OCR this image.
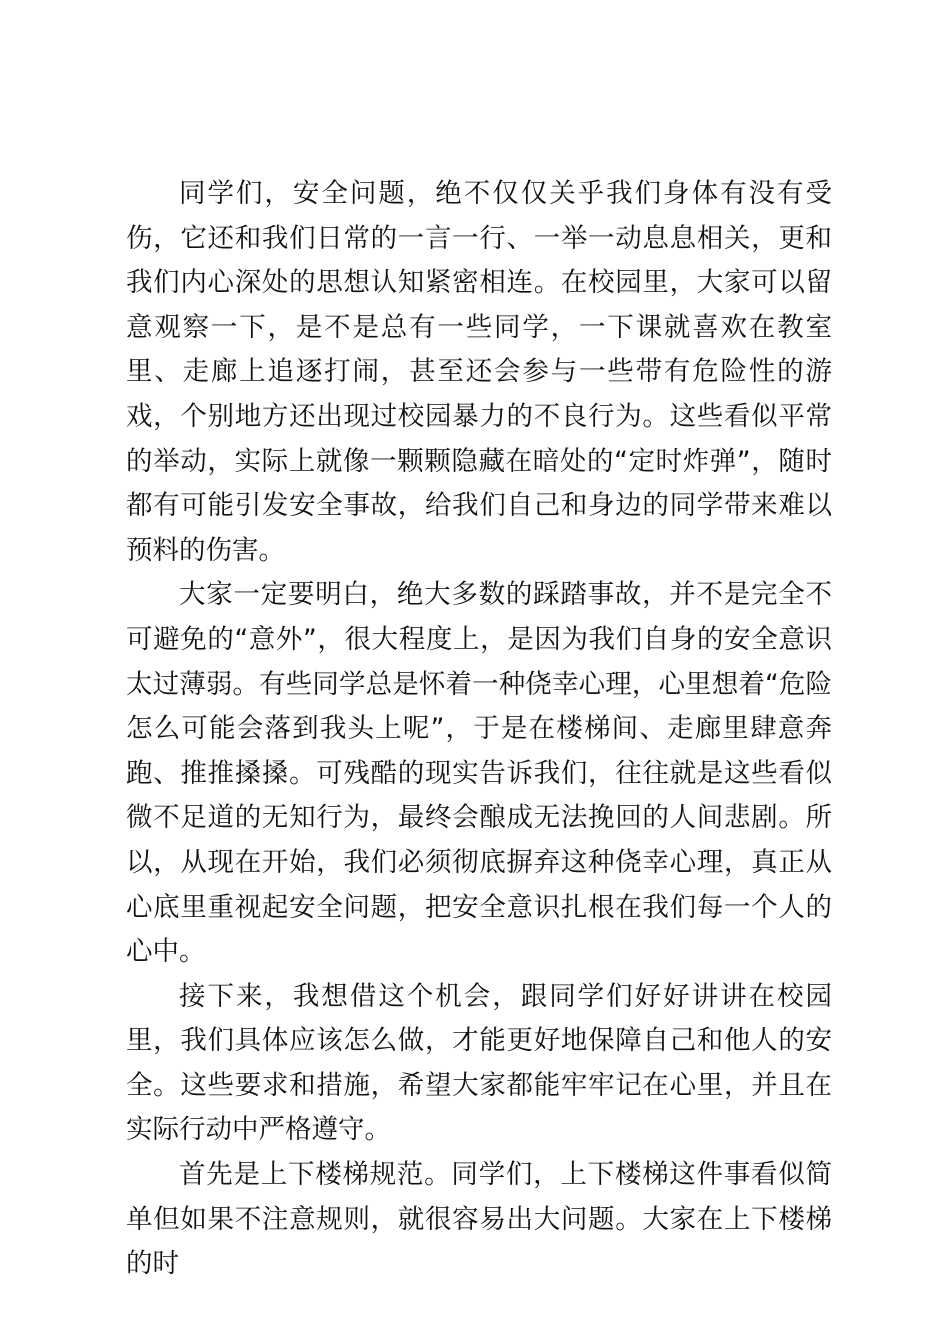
同学们，安全问题，绝不仅仅关乎我们身体有没有受伤，它还和我们日常的一言一行、一举一动息息相关，更和我们内心深处的思想认知紧密相连。在校园里，大家可以留意观察一下，是不是总有一些同学，一下课就喜欢在教室里、走廊上追逐打闹，甚至还会参与一些带有危险性的游戏，个别地方还出现过校园暴力的不良行为。这些看似平常的举动，实际上就像一颗颗隐藏在暗处的“定时炸弹”，随时都有可能引发安全事故，给我们自己和身边的同学带来难以预料的伤害。

大家一定要明白，绝大多数的踩踏事故，并不是完全不可避免的“意外”，很大程度上，是因为我们自身的安全意识太过薄弱。有些同学总是怀着一种侥幸心理，心里想着“危险怎么可能会落到我头上呢”，于是在楼梯间、走廊里肆意奔跑、推推搡搡。可残酷的现实告诉我们，往往就是这些看似微不足道的无知行为，最终会酿成无法挽回的人间悲剧。所以，从现在开始，我们必须彻底摒弃这种侥幸心理，真正从心底里重视起安全问题，把安全意识扎根在我们每一个人的心中。

接下来，我想借这个机会，跟同学们好好讲讲在校园里，我们具体应该怎么做，才能更好地保障自己和他人的安全。这些要求和措施，希望大家都能牢牢记在心里，并且在实际行动中严格遵守。

首先是上下楼梯规范。同学们，上下楼梯这件事看似简单但如果不注意规则，就很容易出大问题。大家在上下楼梯的时
